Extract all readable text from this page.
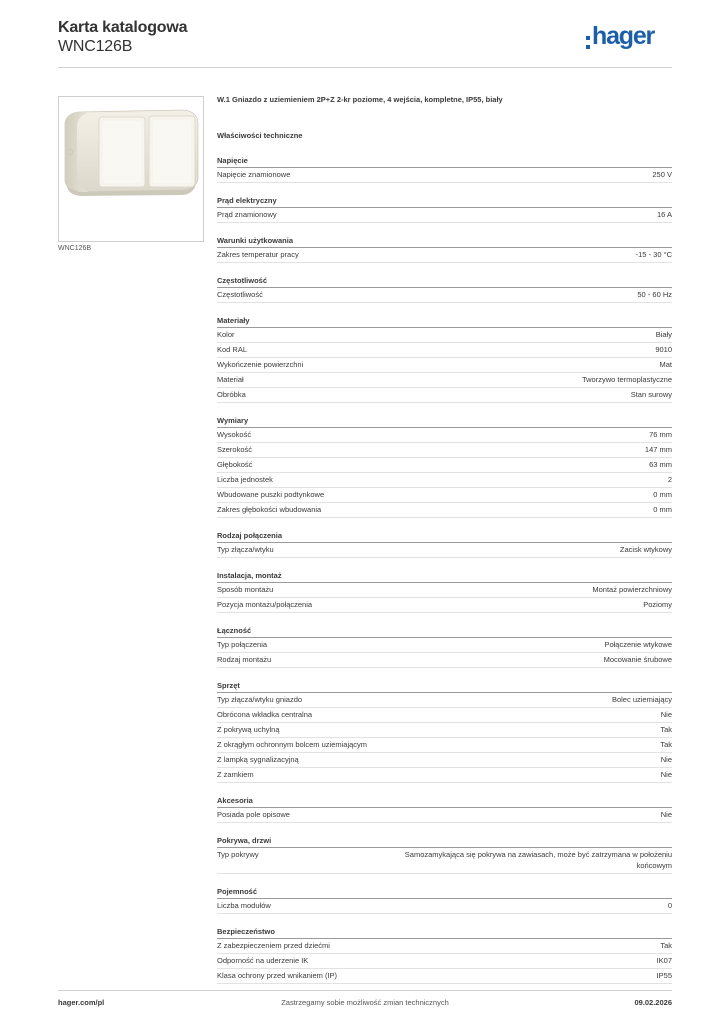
Karta katalogowa
WNC126B	hager
WNC126B
W.1 Gniazdo z uziemieniem 2P+Z 2-kr poziome, 4 wejścia, kompletne, IP55, biały
Właściwości techniczne
Napięcie
Napięcie znamionowe	250 V
Prąd elektryczny
Prąd znamionowy	16 A
Warunki użytkowania
Zakres temperatur pracy	-15 - 30 °C
Częstotliwość
Częstotliwość	50 - 60 Hz
Materiały
Kolor	Biały
Kod RAL	9010
Wykończenie powierzchni	Mat
Materiał	Tworzywo termoplastyczne
Obróbka	Stan surowy
Wymiary
Wysokość	76 mm
Szerokość	147 mm
Głębokość	63 mm
Liczba jednostek	2
Wbudowane puszki podtynkowe	0 mm
Zakres głębokości wbudowania	0 mm
Rodzaj połączenia
Typ złącza/wtyku	Zacisk wtykowy
Instalacja, montaż
Sposób montażu	Montaż powierzchniowy
Pozycja montażu/połączenia	Poziomy
Łączność
Typ połączenia	Połączenie wtykowe
Rodzaj montażu	Mocowanie śrubowe
Sprzęt
Typ złącza/wtyku gniazdo	Bolec uziemiający
Obrócona wkładka centralna	Nie
Z pokrywą uchylną	Tak
Z okrągłym ochronnym bolcem uziemiającym	Tak
Z lampką sygnalizacyjną	Nie
Z zamkiem	Nie
Akcesoria
Posiada pole opisowe	Nie
Pokrywa, drzwi
Typ pokrywy	Samozamykająca się pokrywa na zawiasach, może być zatrzymana w położeniu końcowym
Pojemność
Liczba modułów	0
Bezpieczeństwo
Z zabezpieczeniem przed dziećmi	Tak
Odporność na uderzenie IK	IK07
Klasa ochrony przed wnikaniem (IP)	IP55
hager.com/pl	Zastrzegamy sobie możliwość zmian technicznych	09.02.2026
